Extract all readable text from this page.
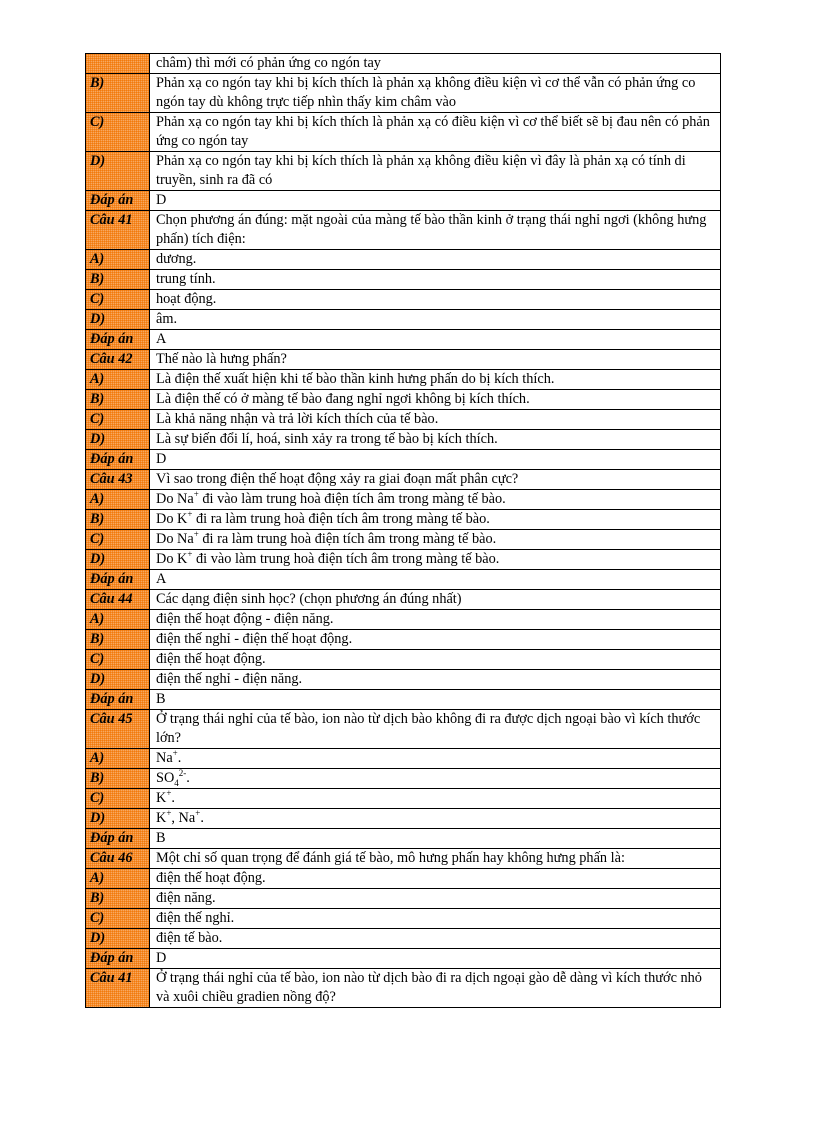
	châm) thì mới có phản ứng co ngón tay
B)	Phản xạ co ngón tay khi bị kích thích là phản xạ không điều kiện vì cơ thể vẫn có phản ứng co ngón tay dù không trực tiếp nhìn thấy kim châm vào
C)	Phản xạ co ngón tay khi bị kích thích là phản xạ có điều kiện vì cơ thể biết sẽ bị đau nên có phản ứng co ngón tay
D)	Phản xạ co ngón tay khi bị kích thích là phản xạ không điều kiện vì đây là phản xạ có tính di truyền, sinh ra đã có
Đáp án	D
Câu 41	Chọn phương án đúng: mặt ngoài của màng tế bào thần kinh ở trạng thái nghỉ ngơi (không hưng phấn) tích điện:
A)	dương.
B)	trung tính.
C)	hoạt động.
D)	âm.
Đáp án	A
Câu 42	Thế nào là hưng phấn?
A)	Là điện thế xuất hiện khi tế bào thần kinh hưng phấn do bị kích thích.
B)	Là điện thế có ở màng tế bào đang nghỉ ngơi không bị kích thích.
C)	Là khả năng nhận và trả lời kích thích của tế bào.
D)	Là sự biến đổi lí, hoá, sinh xảy ra trong tế bào bị kích thích.
Đáp án	D
Câu 43	Vì sao trong điện thế hoạt động xảy ra giai đoạn mất phân cực?
A)	Do Na+ đi vào làm trung hoà điện tích âm trong màng tế bào.
B)	Do K+ đi ra làm trung hoà điện tích âm trong màng tế bào.
C)	Do Na+ đi ra làm trung hoà điện tích âm trong màng tế bào.
D)	Do K+ đi vào làm trung hoà điện tích âm trong màng tế bào.
Đáp án	A
Câu 44	Các dạng điện sinh học? (chọn phương án đúng nhất)
A)	điện thế hoạt động - điện năng.
B)	điện thế nghỉ - điện thế hoạt động.
C)	điện thế hoạt động.
D)	điện thế nghỉ - điện năng.
Đáp án	B
Câu 45	Ở trạng thái nghỉ của tế bào, ion nào từ dịch bào không đi ra được dịch ngoại bào vì kích thước lớn?
A)	Na+.
B)	$SO_4^{2-}$.
C)	K+.
D)	K+, Na+.
Đáp án	B
Câu 46	Một chỉ số quan trọng để đánh giá tế bào, mô hưng phấn hay không hưng phấn là:
A)	điện thế hoạt động.
B)	điện năng.
C)	điện thế nghỉ.
D)	điện tế bào.
Đáp án	D
Câu 41	Ở trạng thái nghỉ của tế bào, ion nào từ dịch bào đi ra dịch ngoại gào dễ dàng vì kích thước nhỏ và xuôi chiều gradien nồng độ?
